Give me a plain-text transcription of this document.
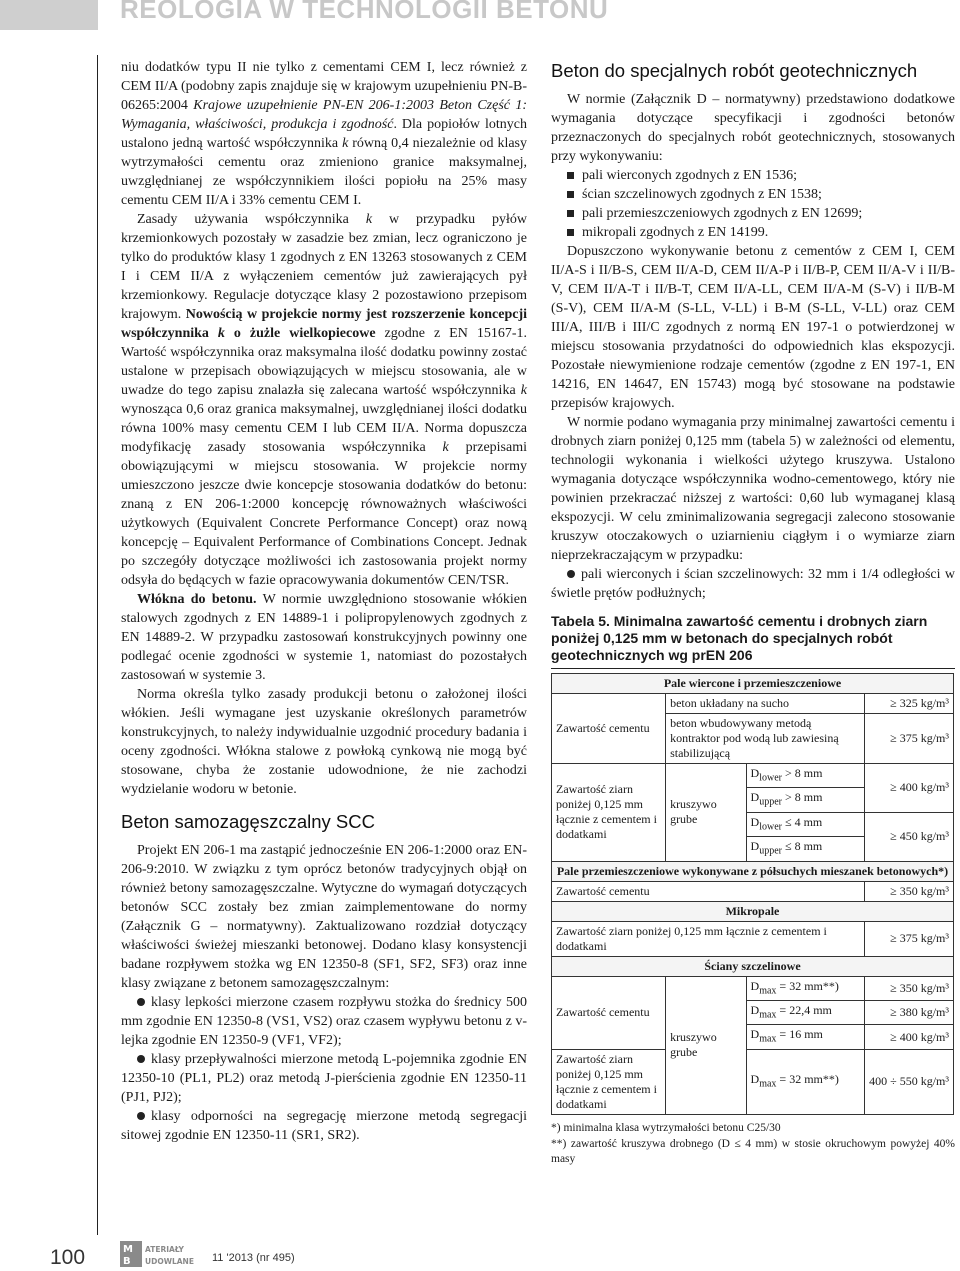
REOLOGIA W TECHNOLOGII BETONU

niu dodatków typu II nie tylko z cementami CEM I, lecz również z CEM II/A (podobny zapis znajduje się w krajowym uzupełnieniu PN-B-06265:2004 Krajowe uzupełnienie PN-EN 206-1:2003 Beton Część 1: Wymagania, właściwości, produkcja i zgodność. Dla popiołów lotnych ustalono jedną wartość współczynnika k równą 0,4 niezależnie od klasy wytrzymałości cementu oraz zmieniono granice maksymalnej, uwzględnianej ze współczynnikiem ilości popiołu na 25% masy cementu CEM II/A i 33% cementu CEM I.

Zasady używania współczynnika k w przypadku pyłów krzemionkowych pozostały w zasadzie bez zmian, lecz ograniczono je tylko do produktów klasy 1 zgodnych z EN 13263 stosowanych z CEM I i CEM II/A z wyłączeniem cementów już zawierających pył krzemionkowy. Regulacje dotyczące klasy 2 pozostawiono przepisom krajowym. Nowością w projekcie normy jest rozszerzenie koncepcji współczynnika k o żużle wielkopiecowe zgodne z EN 15167-1. Wartość współczynnika oraz maksymalna ilość dodatku powinny zostać ustalone w przepisach obowiązujących w miejscu stosowania, ale w uwadze do tego zapisu znalazła się zalecana wartość współczynnika k wynosząca 0,6 oraz granica maksymalnej, uwzględnianej ilości dodatku równa 100% masy cementu CEM I lub CEM II/A. Norma dopuszcza modyfikację zasady stosowania współczynnika k przepisami obowiązującymi w miejscu stosowania. W projekcie normy umieszczono jeszcze dwie koncepcje stosowania dodatków do betonu: znaną z EN 206-1:2000 koncepcję równoważnych właściwości użytkowych (Equivalent Concrete Performance Concept) oraz nową koncepcję – Equivalent Performance of Combinations Concept. Jednak po szczegóły dotyczące możliwości ich zastosowania projekt normy odsyła do będących w fazie opracowywania dokumentów CEN/TSR.

Włókna do betonu. W normie uwzględniono stosowanie włókien stalowych zgodnych z EN 14889-1 i polipropylenowych zgodnych z EN 14889-2. W przypadku zastosowań konstrukcyjnych powinny one podlegać ocenie zgodności w systemie 1, natomiast do pozostałych zastosowań w systemie 3.

Norma określa tylko zasady produkcji betonu o założonej ilości włókien. Jeśli wymagane jest uzyskanie określonych parametrów konstrukcyjnych, to należy indywidualnie uzgodnić procedury badania i oceny zgodności. Włókna stalowe z powłoką cynkową nie mogą być stosowane, chyba że zostanie udowodnione, że nie zachodzi wydzielanie wodoru w betonie.

Beton samozagęszczalny SCC

Projekt EN 206-1 ma zastąpić jednocześnie EN 206-1:2000 oraz EN-206-9:2010. W związku z tym oprócz betonów tradycyjnych objął on również betony samozagęszczalne. Wytyczne do wymagań dotyczących betonów SCC zostały bez zmian zaimplementowane do normy (Załącznik G – normatywny). Zaktualizowano rozdział dotyczący właściwości świeżej mieszanki betonowej. Dodano klasy konsystencji badane rozpływem stożka wg EN 12350-8 (SF1, SF2, SF3) oraz inne klasy związane z betonem samozagęszczalnym:

klasy lepkości mierzone czasem rozpływu stożka do średnicy 500 mm zgodnie EN 12350-8 (VS1, VS2) oraz czasem wypływu betonu z v-lejka zgodnie EN 12350-9 (VF1, VF2);

klasy przepływalności mierzone metodą L-pojemnika zgodnie EN 12350-10 (PL1, PL2) oraz metodą J-pierścienia zgodnie EN 12350-11 (PJ1, PJ2);

klasy odporności na segregację mierzone metodą segregacji sitowej zgodnie EN 12350-11 (SR1, SR2).

Beton do specjalnych robót geotechnicznych

W normie (Załącznik D – normatywny) przedstawiono dodatkowe wymagania dotyczące specyfikacji i zgodności betonów przeznaczonych do specjalnych robót geotechnicznych, stosowanych przy wykonywaniu:

pali wierconych zgodnych z EN 1536;

ścian szczelinowych zgodnych z EN 1538;

pali przemieszczeniowych zgodnych z EN 12699;

mikropali zgodnych z EN 14199.

Dopuszczono wykonywanie betonu z cementów z CEM I, CEM II/A-S i II/B-S, CEM II/A-D, CEM II/A-P i II/B-P, CEM II/A-V i II/B-V, CEM II/A-T i II/B-T, CEM II/A-LL, CEM II/A-M (S-V) i II/B-M (S-V), CEM II/A-M (S-LL, V-LL) i B-M (S-LL, V-LL) oraz CEM III/A, III/B i III/C zgodnych z normą EN 197-1 o potwierdzonej w miejscu stosowania przydatności do odpowiednich klas ekspozycji. Pozostałe niewymienione rodzaje cementów (zgodne z EN 197-1, EN 14216, EN 14647, EN 15743) mogą być stosowane na podstawie przepisów krajowych.

W normie podano wymagania przy minimalnej zawartości cementu i drobnych ziarn poniżej 0,125 mm (tabela 5) w zależności od elementu, technologii wykonania i wielkości użytego kruszywa. Ustalono wymagania dotyczące współczynnika wodno-cementowego, który nie powinien przekraczać niższej z wartości: 0,60 lub wymaganej klasą ekspozycji. W celu zminimalizowania segregacji zalecono stosowanie kruszyw otoczakowych o uziarnieniu ciągłym i o wymiarze ziarn nieprzekraczającym w przypadku:

pali wierconych i ścian szczelinowych: 32 mm i 1/4 odległości w świetle prętów podłużnych;

Tabela 5. Minimalna zawartość cementu i drobnych ziarn poniżej 0,125 mm w betonach do specjalnych robót geotechnicznych wg prEN 206
Pale wiercone i przemieszczeniowe			
Zawartość cementu	beton układany na sucho		≥ 325 kg/m³
	beton wbudowywany metodą kontraktor pod wodą lub zawiesiną stabilizującą		≥ 375 kg/m³
Zawartość ziarn poniżej 0,125 mm łącznie z cementem i dodatkami	kruszywo grube	$D_{lower} > 8$ mm	≥ 400 kg/m³
		$D_{upper} > 8$ mm	
		$D_{lower} \le 4$ mm	≥ 450 kg/m³
		$D_{upper} \le 8$ mm	
Pale przemieszczeniowe wykonywane z półsuchych mieszanek betonowych*)			
Zawartość cementu			≥ 350 kg/m³
Mikropale			
Zawartość ziarn poniżej 0,125 mm łącznie z cementem i dodatkami			≥ 375 kg/m³
Ściany szczelinowe			
Zawartość cementu	kruszywo grube	$D_{max} = 32$ mm**)	≥ 350 kg/m³
		$D_{max} = 22,4$ mm	≥ 380 kg/m³
		$D_{max} = 16$ mm	≥ 400 kg/m³
Zawartość ziarn poniżej 0,125 mm łącznie z cementem i dodatkami		$D_{max} = 32$ mm**)	400 ÷ 550 kg/m³
*) minimalna klasa wytrzymałości betonu C25/30
**) zawartość kruszywa drobnego (D ≤ 4 mm) w stosie okruchowym powyżej 40% masy
100	M
B
ATERIAŁY
UDOWLANE 11 '2013 (nr 495)
